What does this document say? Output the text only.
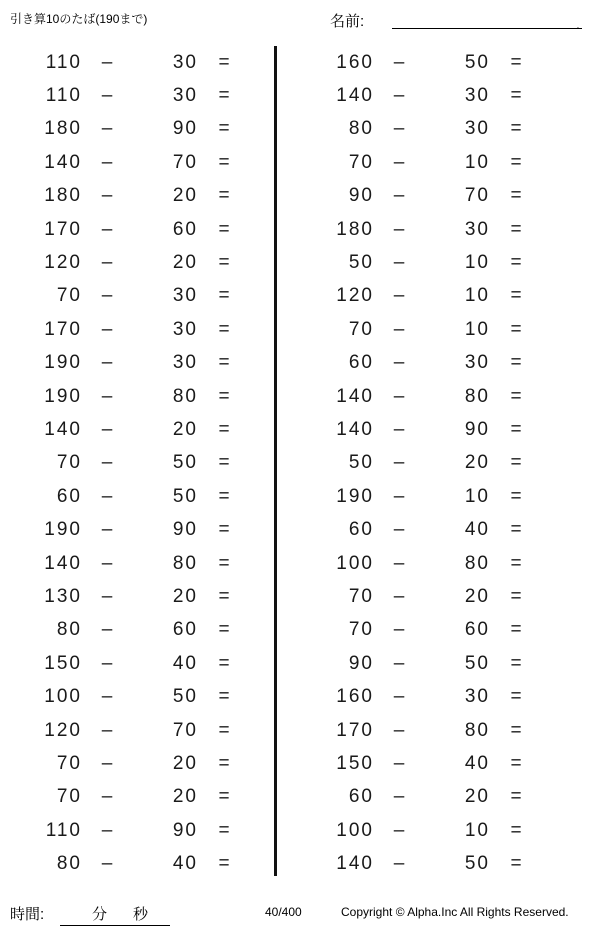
引き算10のたば(190まで)	名前:	.
110	–	30	=
110	–	30	=
180	–	90	=
140	–	70	=
180	–	20	=
170	–	60	=
120	–	20	=
70	–	30	=
170	–	30	=
190	–	30	=
190	–	80	=
140	–	20	=
70	–	50	=
60	–	50	=
190	–	90	=
140	–	80	=
130	–	20	=
80	–	60	=
150	–	40	=
100	–	50	=
120	–	70	=
70	–	20	=
70	–	20	=
110	–	90	=
80	–	40	=
160	–	50	=
140	–	30	=
80	–	30	=
70	–	10	=
90	–	70	=
180	–	30	=
50	–	10	=
120	–	10	=
70	–	10	=
60	–	30	=
140	–	80	=
140	–	90	=
50	–	20	=
190	–	10	=
60	–	40	=
100	–	80	=
70	–	20	=
70	–	60	=
90	–	50	=
160	–	30	=
170	–	80	=
150	–	40	=
60	–	20	=
100	–	10	=
140	–	50	=
時間:	分 秒	40/400	Copyright © Alpha.Inc All Rights Reserved.
